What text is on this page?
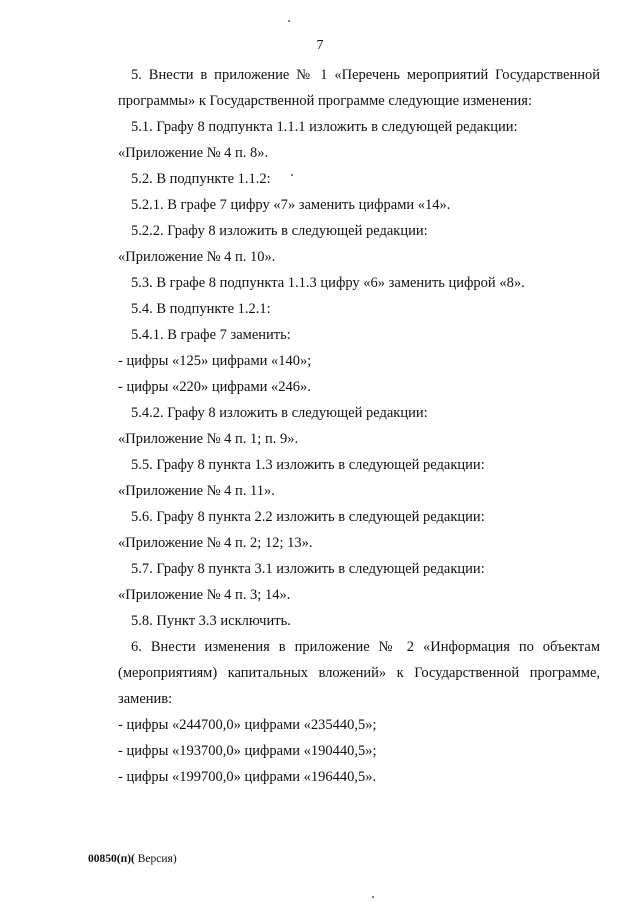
7

5. Внести в приложение № 1 «Перечень мероприятий Государственной программы» к Государственной программе следующие изменения:

5.1. Графу 8 подпункта 1.1.1 изложить в следующей редакции:

«Приложение № 4 п. 8».

5.2. В подпункте 1.1.2:

5.2.1. В графе 7 цифру «7» заменить цифрами «14».

5.2.2. Графу 8 изложить в следующей редакции:

«Приложение № 4 п. 10».

5.3. В графе 8 подпункта 1.1.3 цифру «6» заменить цифрой «8».

5.4. В подпункте 1.2.1:

5.4.1. В графе 7 заменить:

- цифры «125» цифрами «140»;

- цифры «220» цифрами «246».

5.4.2. Графу 8 изложить в следующей редакции:

«Приложение № 4 п. 1; п. 9».

5.5. Графу 8 пункта 1.3 изложить в следующей редакции:

«Приложение № 4 п. 11».

5.6. Графу 8 пункта 2.2 изложить в следующей редакции:

«Приложение № 4 п. 2; 12; 13».

5.7. Графу 8 пункта 3.1 изложить в следующей редакции:

«Приложение № 4 п. 3; 14».

5.8. Пункт 3.3 исключить.

6. Внести изменения в приложение № 2 «Информация по объектам (мероприятиям) капитальных вложений» к Государственной программе, заменив:

- цифры «244700,0» цифрами «235440,5»;

- цифры «193700,0» цифрами «190440,5»;

- цифры «199700,0» цифрами «196440,5».

00850(п)( Версия)
